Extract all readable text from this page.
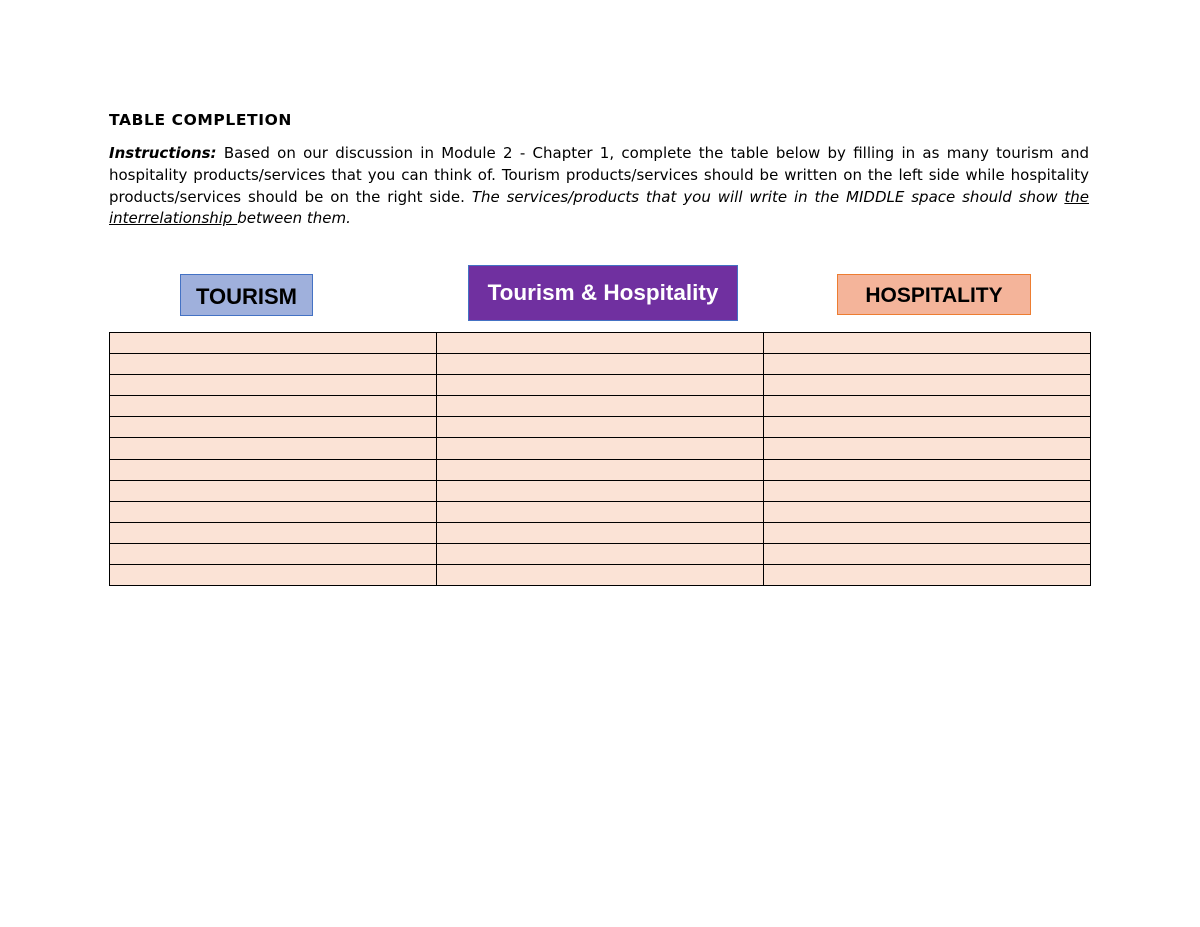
TABLE COMPLETION
Instructions: Based on our discussion in Module 2 - Chapter 1, complete the table below by filling in as many tourism and hospitality products/services that you can think of. Tourism products/services should be written on the left side while hospitality products/services should be on the right side. The services/products that you will write in the MIDDLE space should show the interrelationship between them.
TOURISM	Tourism & Hospitality	HOSPITALITY
